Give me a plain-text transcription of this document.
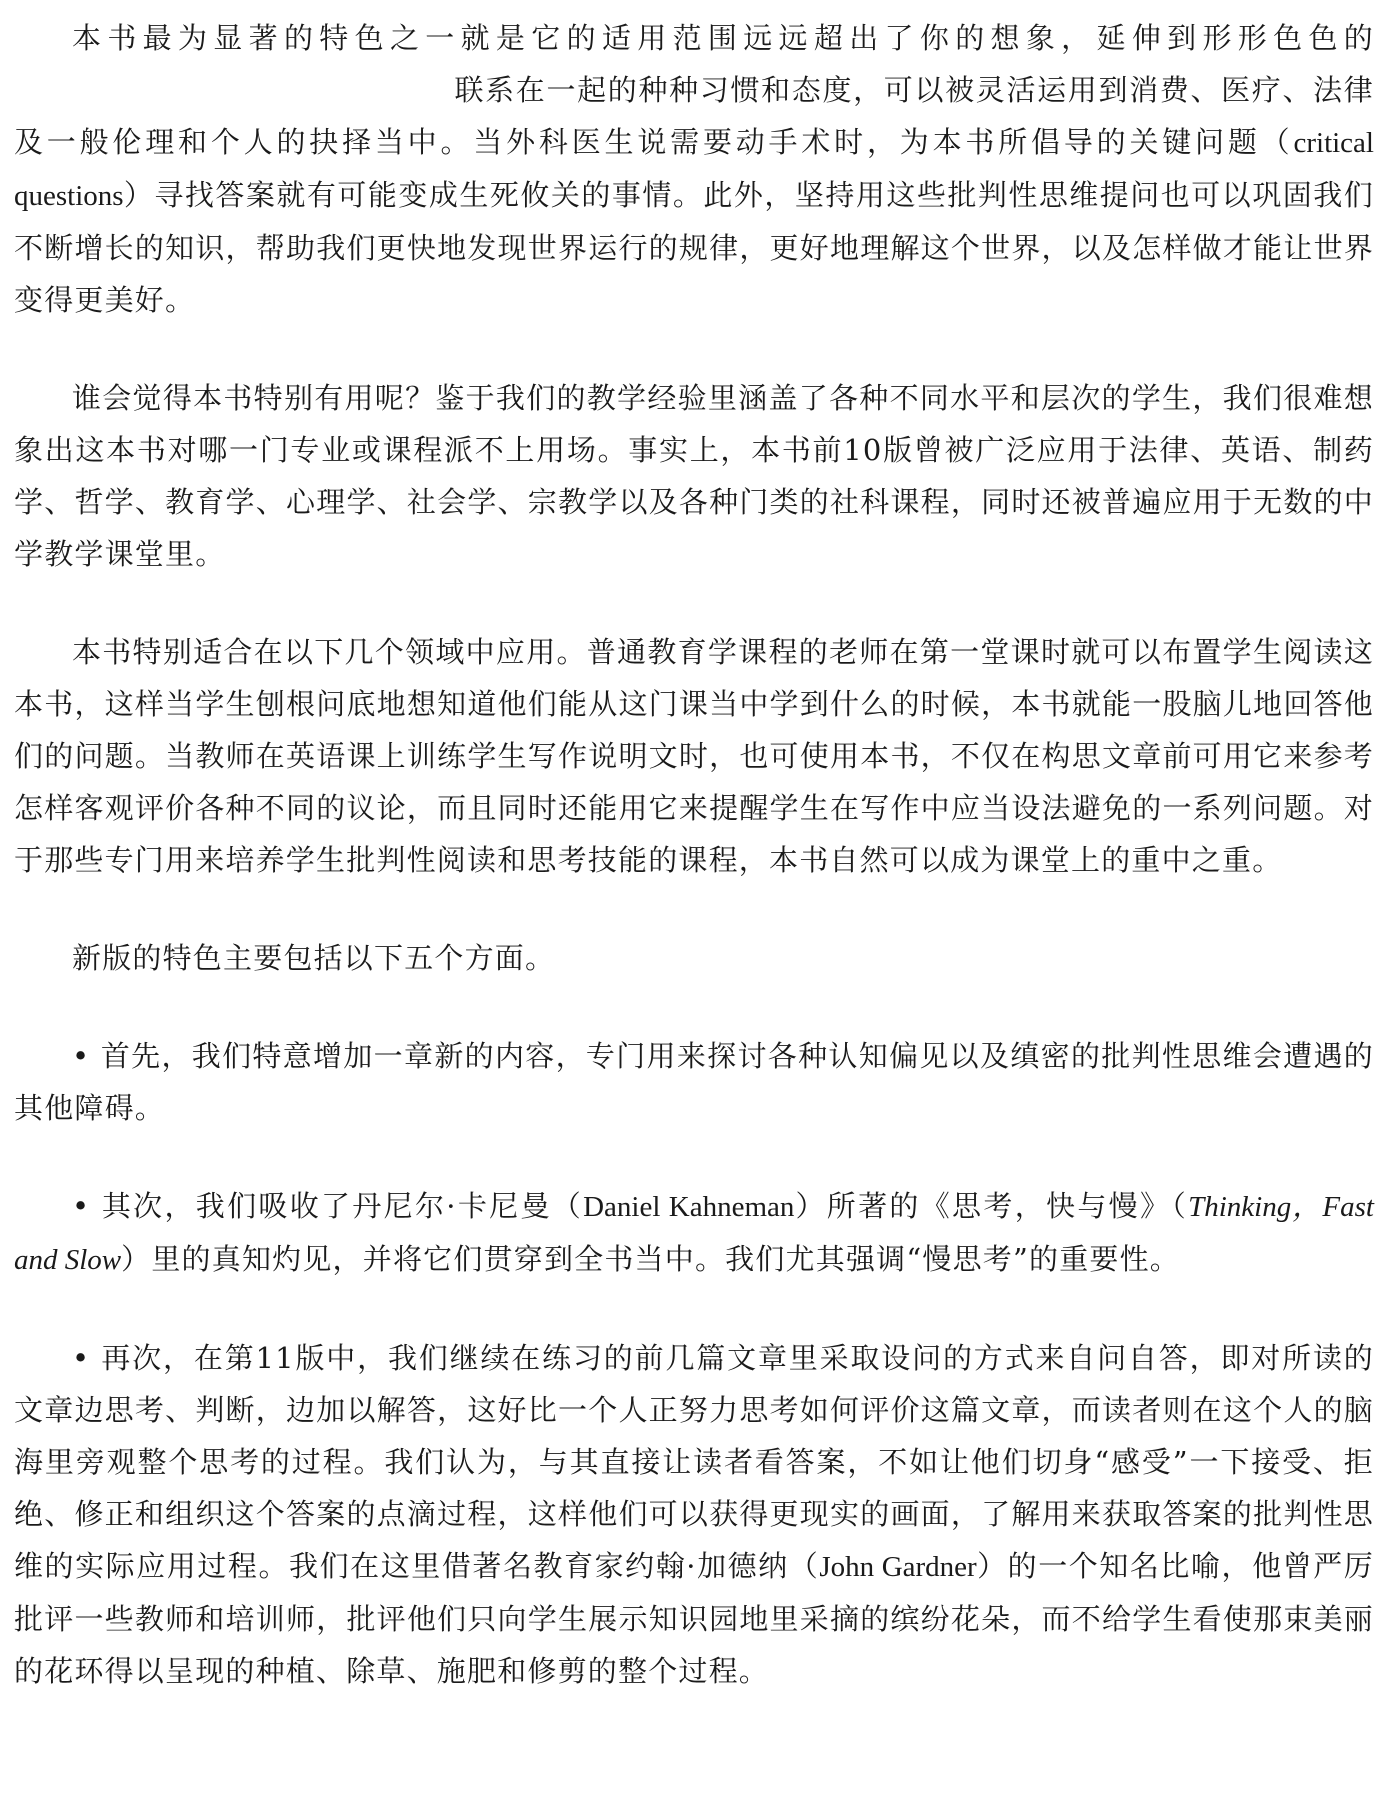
本书最为显著的特色之一就是它的适用范围远远超出了你的想象，延伸到形形色色的联系在一起的种种习惯和态度，可以被灵活运用到消费、医疗、法律及一般伦理和个人的抉择当中。当外科医生说需要动手术时，为本书所倡导的关键问题（critical questions）寻找答案就有可能变成生死攸关的事情。此外，坚持用这些批判性思维提问也可以巩固我们不断增长的知识，帮助我们更快地发现世界运行的规律，更好地理解这个世界，以及怎样做才能让世界变得更美好。

谁会觉得本书特别有用呢？鉴于我们的教学经验里涵盖了各种不同水平和层次的学生，我们很难想象出这本书对哪一门专业或课程派不上用场。事实上，本书前10版曾被广泛应用于法律、英语、制药学、哲学、教育学、心理学、社会学、宗教学以及各种门类的社科课程，同时还被普遍应用于无数的中学教学课堂里。

本书特别适合在以下几个领域中应用。普通教育学课程的老师在第一堂课时就可以布置学生阅读这本书，这样当学生刨根问底地想知道他们能从这门课当中学到什么的时候，本书就能一股脑儿地回答他们的问题。当教师在英语课上训练学生写作说明文时，也可使用本书，不仅在构思文章前可用它来参考怎样客观评价各种不同的议论，而且同时还能用它来提醒学生在写作中应当设法避免的一系列问题。对于那些专门用来培养学生批判性阅读和思考技能的课程，本书自然可以成为课堂上的重中之重。

新版的特色主要包括以下五个方面。

• 首先，我们特意增加一章新的内容，专门用来探讨各种认知偏见以及缜密的批判性思维会遭遇的其他障碍。

• 其次，我们吸收了丹尼尔·卡尼曼（Daniel Kahneman）所著的《思考，快与慢》（Thinking，Fast and Slow）里的真知灼见，并将它们贯穿到全书当中。我们尤其强调“慢思考”的重要性。

• 再次，在第11版中，我们继续在练习的前几篇文章里采取设问的方式来自问自答，即对所读的文章边思考、判断，边加以解答，这好比一个人正努力思考如何评价这篇文章，而读者则在这个人的脑海里旁观整个思考的过程。我们认为，与其直接让读者看答案，不如让他们切身“感受”一下接受、拒绝、修正和组织这个答案的点滴过程，这样他们可以获得更现实的画面，了解用来获取答案的批判性思维的实际应用过程。我们在这里借著名教育家约翰·加德纳（John Gardner）的一个知名比喻，他曾严厉批评一些教师和培训师，批评他们只向学生展示知识园地里采摘的缤纷花朵，而不给学生看使那束美丽的花环得以呈现的种植、除草、施肥和修剪的整个过程。
